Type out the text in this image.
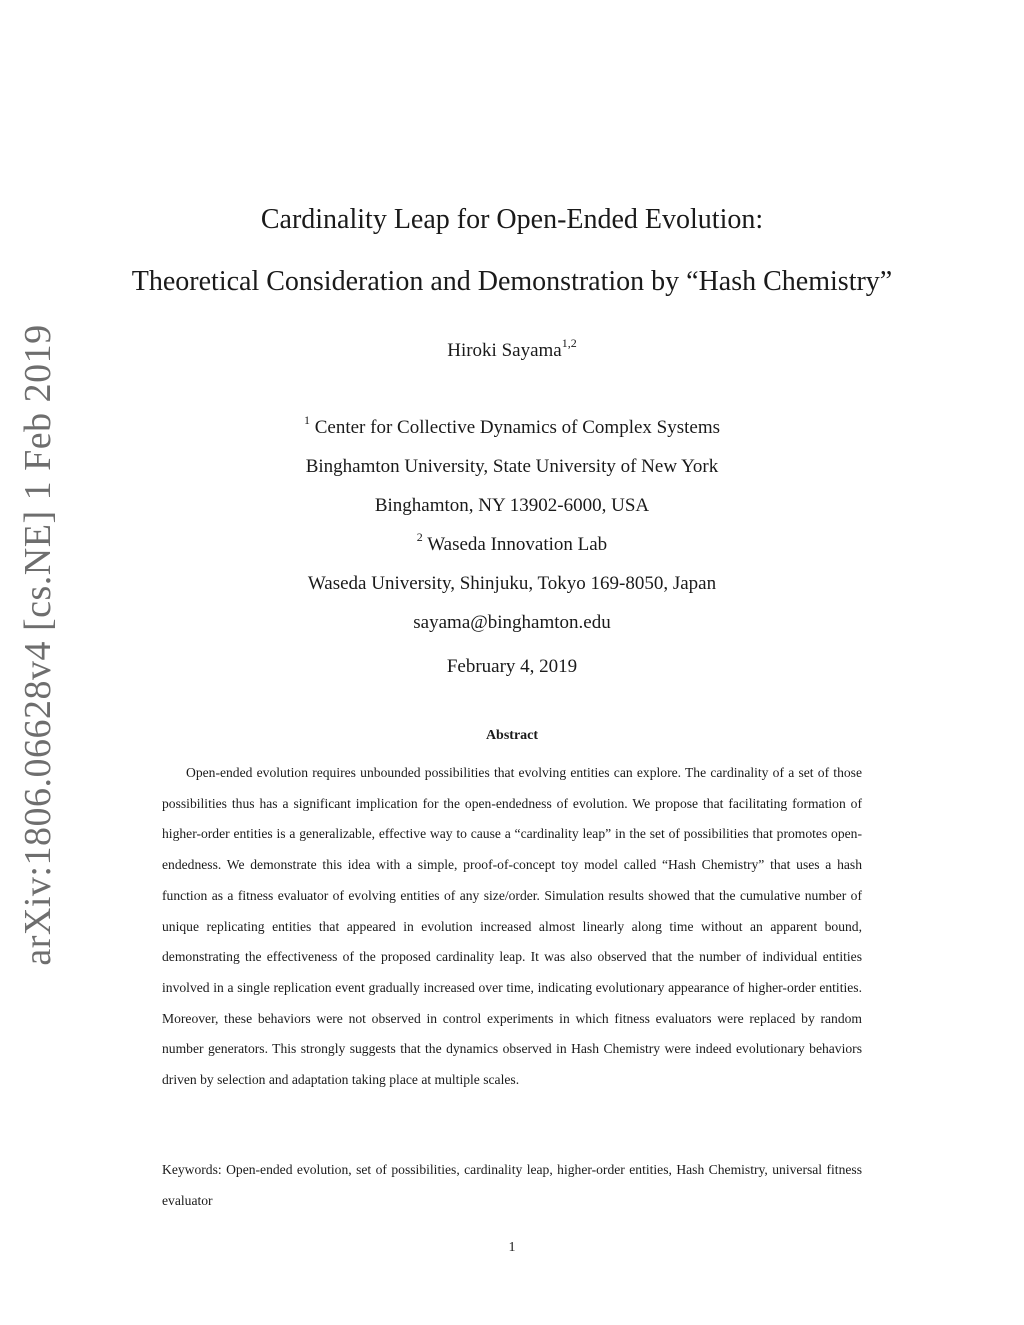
arXiv:1806.06628v4 [cs.NE] 1 Feb 2019
Cardinality Leap for Open-Ended Evolution:
Theoretical Consideration and Demonstration by “Hash Chemistry”
Hiroki Sayama$^{1,2}$
$^1$ Center for Collective Dynamics of Complex Systems
Binghamton University, State University of New York
Binghamton, NY 13902-6000, USA
$^2$ Waseda Innovation Lab
Waseda University, Shinjuku, Tokyo 169-8050, Japan
sayama@binghamton.edu
February 4, 2019
Abstract

Open-ended evolution requires unbounded possibilities that evolving entities can explore. The cardinality of a set of those possibilities thus has a significant implication for the open-endedness of evolution. We propose that facilitating formation of higher-order entities is a generalizable, effective way to cause a “cardinality leap” in the set of possibilities that promotes open-endedness. We demonstrate this idea with a simple, proof-of-concept toy model called “Hash Chemistry” that uses a hash function as a fitness evaluator of evolving entities of any size/order. Simulation results showed that the cumulative number of unique replicating entities that appeared in evolution increased almost linearly along time without an apparent bound, demonstrating the effectiveness of the proposed cardinality leap. It was also observed that the number of individual entities involved in a single replication event gradually increased over time, indicating evolutionary appearance of higher-order entities. Moreover, these behaviors were not observed in control experiments in which fitness evaluators were replaced by random number generators. This strongly suggests that the dynamics observed in Hash Chemistry were indeed evolutionary behaviors driven by selection and adaptation taking place at multiple scales.

Keywords: Open-ended evolution, set of possibilities, cardinality leap, higher-order entities, Hash Chemistry, universal fitness evaluator

1
